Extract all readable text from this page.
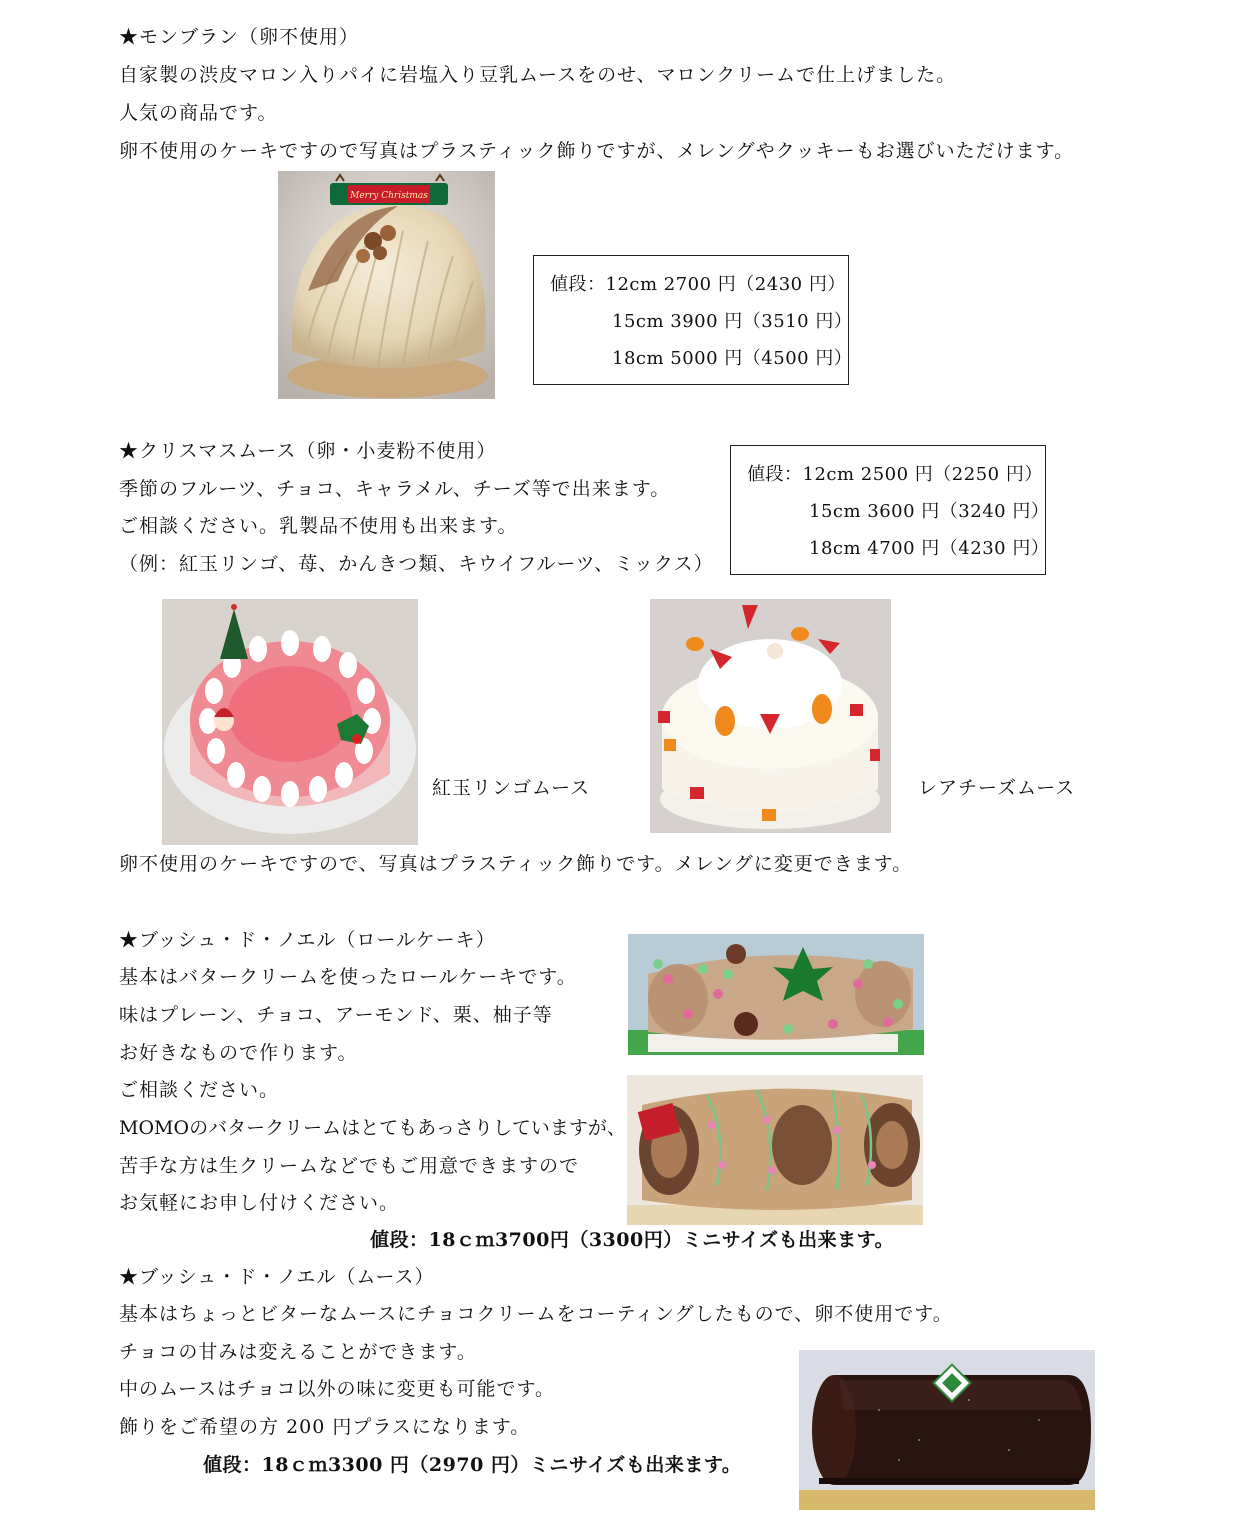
★モンブラン（卵不使用）
自家製の渋皮マロン入りパイに岩塩入り豆乳ムースをのせ、マロンクリームで仕上げました。
人気の商品です。
卵不使用のケーキですので写真はプラスティック飾りですが、メレングやクッキーもお選びいただけます。
Merry Christmas
値段：12cm 2700 円（2430 円）
15cm 3900 円（3510 円）
18cm 5000 円（4500 円）
★クリスマスムース（卵・小麦粉不使用）
季節のフルーツ、チョコ、キャラメル、チーズ等で出来ます。
ご相談ください。乳製品不使用も出来ます。
（例：紅玉リンゴ、苺、かんきつ類、キウイフルーツ、ミックス）
値段：12cm 2500 円（2250 円）
15cm 3600 円（3240 円）
18cm 4700 円（4230 円）
紅玉リンゴムース	レアチーズムース
卵不使用のケーキですので、写真はプラスティック飾りです。メレングに変更できます。
★ブッシュ・ド・ノエル（ロールケーキ）
基本はバタークリームを使ったロールケーキです。
味はプレーン、チョコ、アーモンド、栗、柚子等
お好きなもので作ります。
ご相談ください。
MOMOのバタークリームはとてもあっさりしていますが、
苦手な方は生クリームなどでもご用意できますので
お気軽にお申し付けください。
値段：18ｃｍ3700円（3300円）ミニサイズも出来ます。
★ブッシュ・ド・ノエル（ムース）
基本はちょっとビターなムースにチョコクリームをコーティングしたもので、卵不使用です。
チョコの甘みは変えることができます。
中のムースはチョコ以外の味に変更も可能です。
飾りをご希望の方 200 円プラスになります。
値段：18ｃｍ3300 円（2970 円）ミニサイズも出来ます。
